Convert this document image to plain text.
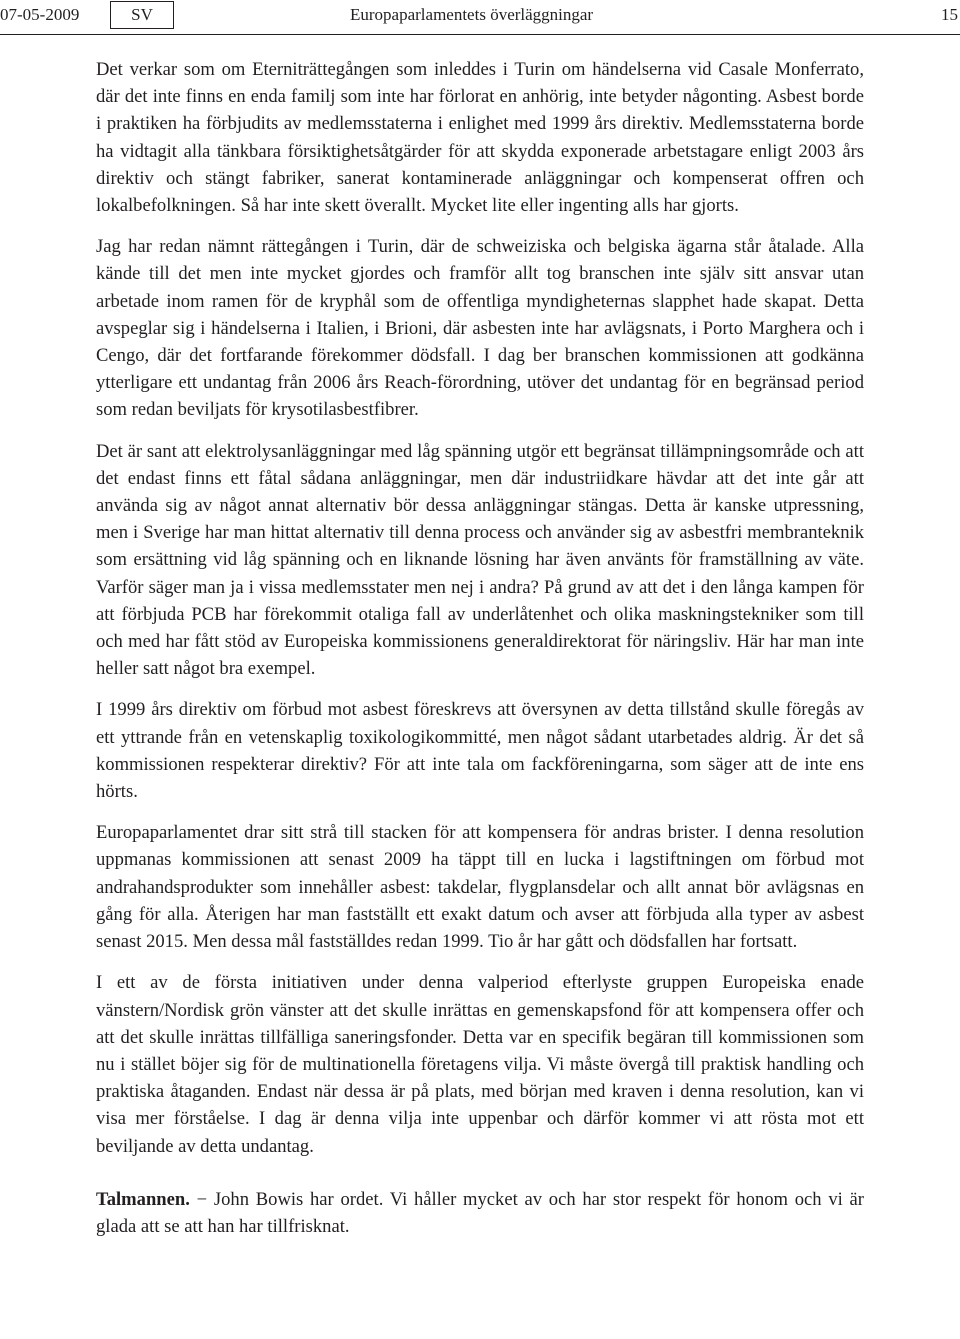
07-05-2009	SV	Europaparlamentets överläggningar	15

Det verkar som om Eterniträttegången som inleddes i Turin om händelserna vid Casale Monferrato, där det inte finns en enda familj som inte har förlorat en anhörig, inte betyder någonting. Asbest borde i praktiken ha förbjudits av medlemsstaterna i enlighet med 1999 års direktiv. Medlemsstaterna borde ha vidtagit alla tänkbara försiktighetsåtgärder för att skydda exponerade arbetstagare enligt 2003 års direktiv och stängt fabriker, sanerat kontaminerade anläggningar och kompenserat offren och lokalbefolkningen. Så har inte skett överallt. Mycket lite eller ingenting alls har gjorts.

Jag har redan nämnt rättegången i Turin, där de schweiziska och belgiska ägarna står åtalade. Alla kände till det men inte mycket gjordes och framför allt tog branschen inte själv sitt ansvar utan arbetade inom ramen för de kryphål som de offentliga myndigheternas slapphet hade skapat. Detta avspeglar sig i händelserna i Italien, i Brioni, där asbesten inte har avlägsnats, i Porto Marghera och i Cengo, där det fortfarande förekommer dödsfall. I dag ber branschen kommissionen att godkänna ytterligare ett undantag från 2006 års Reach-förordning, utöver det undantag för en begränsad period som redan beviljats för krysotilasbestfibrer.

Det är sant att elektrolysanläggningar med låg spänning utgör ett begränsat tillämpningsområde och att det endast finns ett fåtal sådana anläggningar, men där industriidkare hävdar att det inte går att använda sig av något annat alternativ bör dessa anläggningar stängas. Detta är kanske utpressning, men i Sverige har man hittat alternativ till denna process och använder sig av asbestfri membranteknik som ersättning vid låg spänning och en liknande lösning har även använts för framställning av väte. Varför säger man ja i vissa medlemsstater men nej i andra? På grund av att det i den långa kampen för att förbjuda PCB har förekommit otaliga fall av underlåtenhet och olika maskningstekniker som till och med har fått stöd av Europeiska kommissionens generaldirektorat för näringsliv. Här har man inte heller satt något bra exempel.

I 1999 års direktiv om förbud mot asbest föreskrevs att översynen av detta tillstånd skulle föregås av ett yttrande från en vetenskaplig toxikologikommitté, men något sådant utarbetades aldrig. Är det så kommissionen respekterar direktiv? För att inte tala om fackföreningarna, som säger att de inte ens hörts.

Europaparlamentet drar sitt strå till stacken för att kompensera för andras brister. I denna resolution uppmanas kommissionen att senast 2009 ha täppt till en lucka i lagstiftningen om förbud mot andrahandsprodukter som innehåller asbest: takdelar, flygplansdelar och allt annat bör avlägsnas en gång för alla. Återigen har man fastställt ett exakt datum och avser att förbjuda alla typer av asbest senast 2015. Men dessa mål fastställdes redan 1999. Tio år har gått och dödsfallen har fortsatt.

I ett av de första initiativen under denna valperiod efterlyste gruppen Europeiska enade vänstern/Nordisk grön vänster att det skulle inrättas en gemenskapsfond för att kompensera offer och att det skulle inrättas tillfälliga saneringsfonder. Detta var en specifik begäran till kommissionen som nu i stället böjer sig för de multinationella företagens vilja. Vi måste övergå till praktisk handling och praktiska åtaganden. Endast när dessa är på plats, med början med kraven i denna resolution, kan vi visa mer förståelse. I dag är denna vilja inte uppenbar och därför kommer vi att rösta mot ett beviljande av detta undantag.

Talmannen. − John Bowis har ordet. Vi håller mycket av och har stor respekt för honom och vi är glada att se att han har tillfrisknat.
